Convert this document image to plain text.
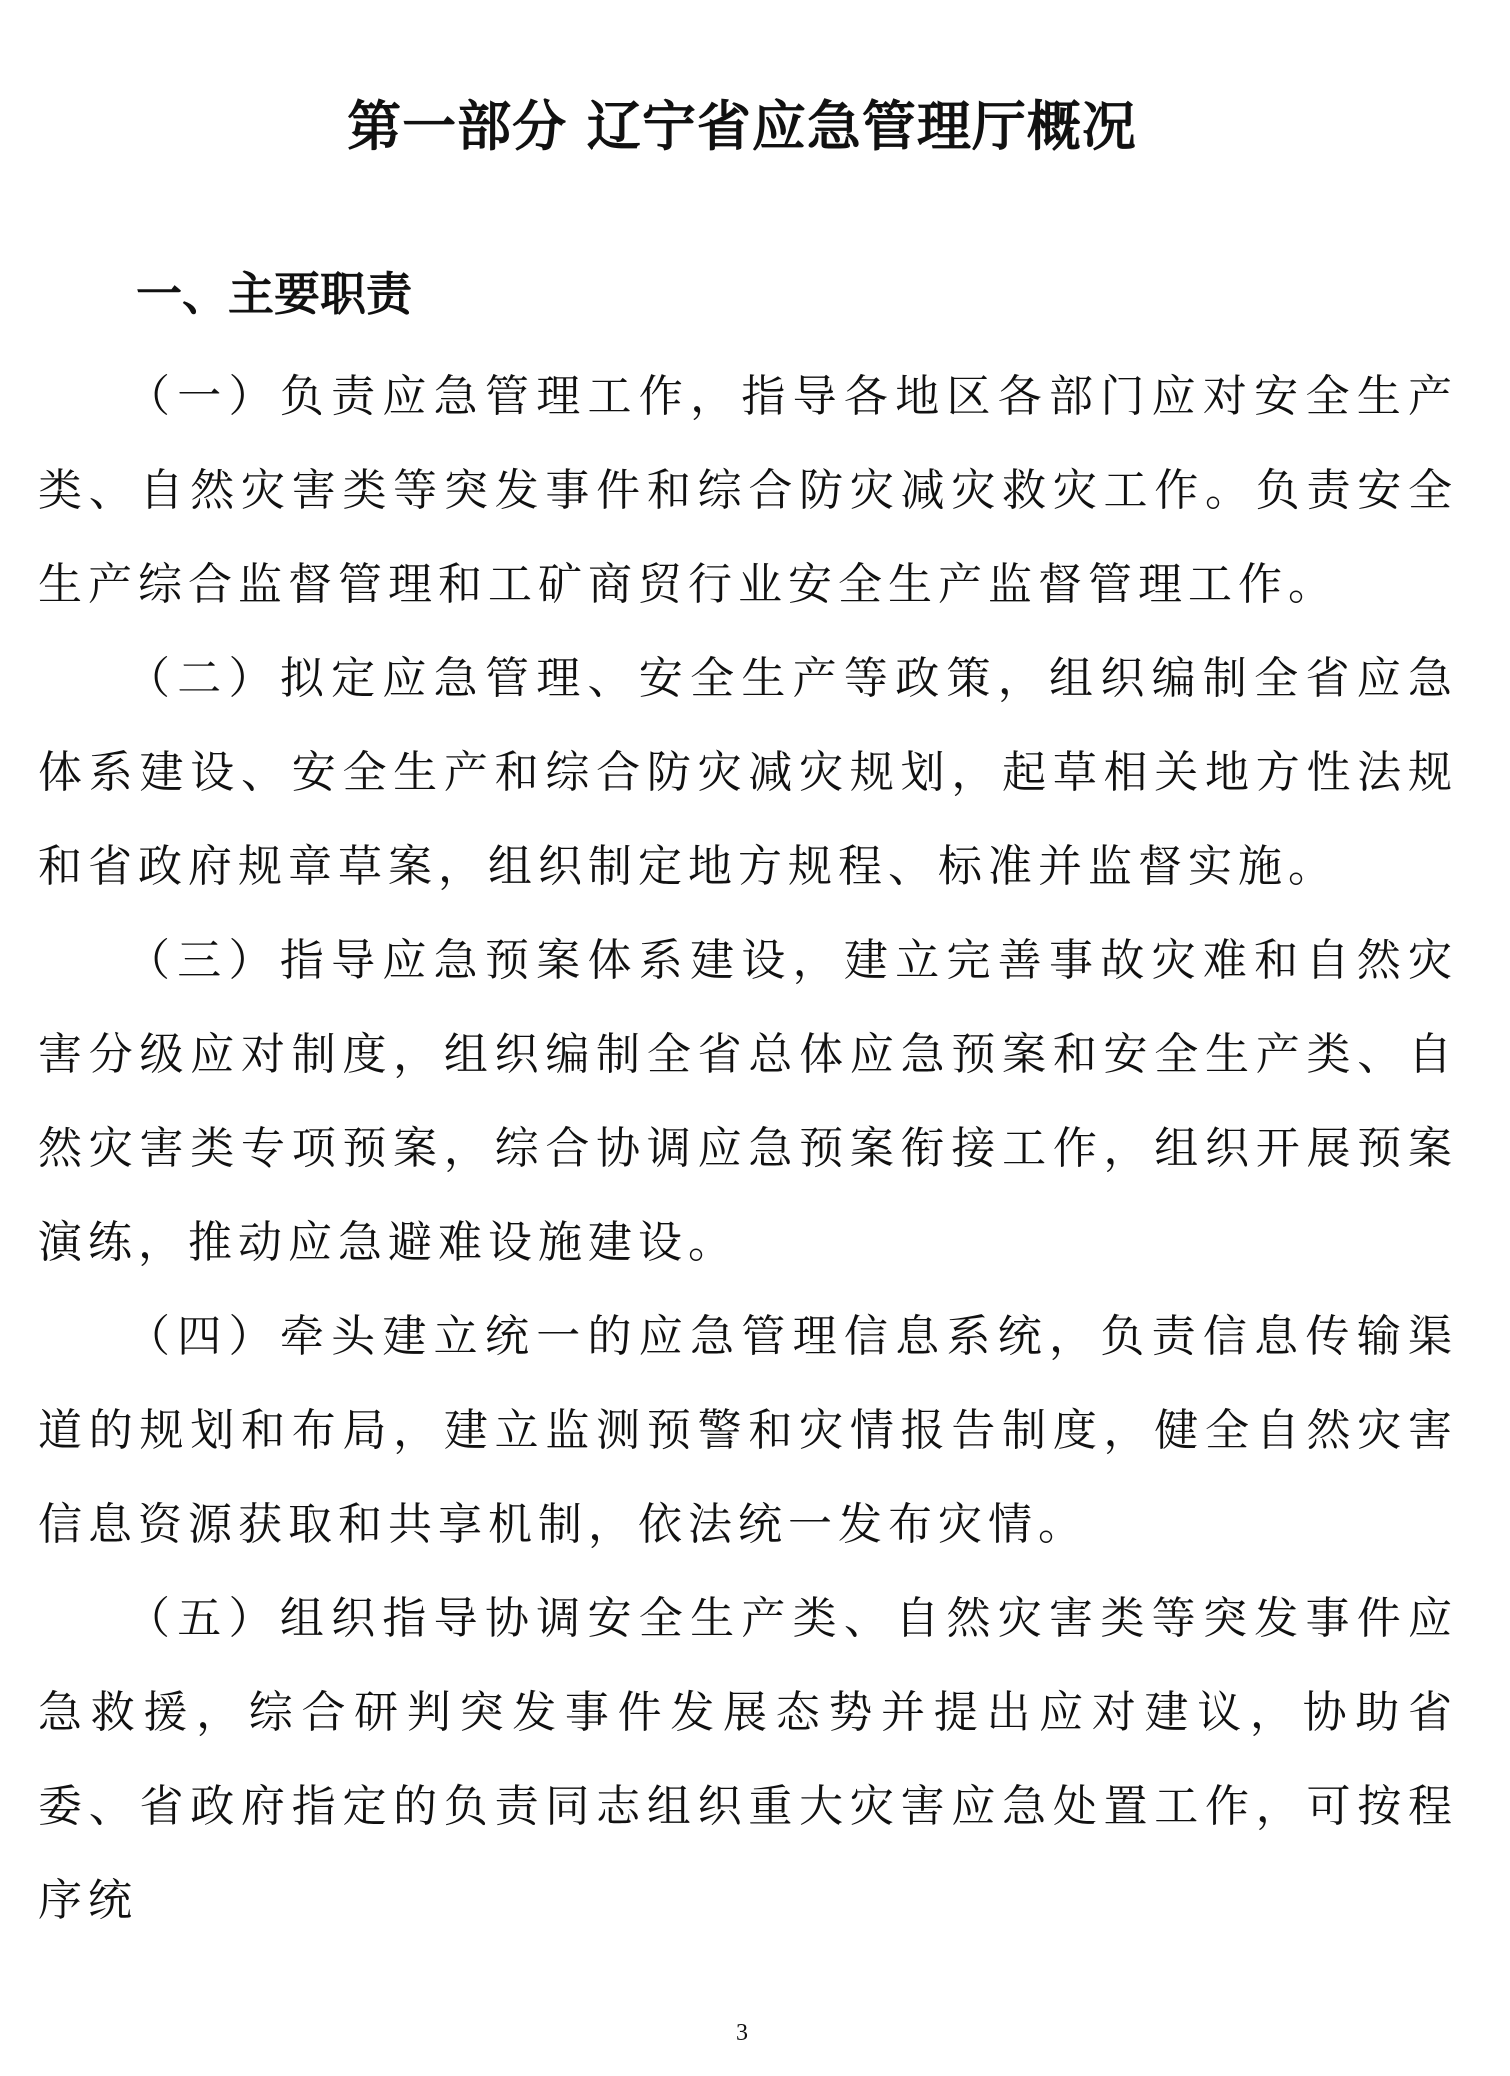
第一部分 辽宁省应急管理厅概况
一、主要职责

（一）负责应急管理工作，指导各地区各部门应对安全生产类、自然灾害类等突发事件和综合防灾减灾救灾工作。负责安全生产综合监督管理和工矿商贸行业安全生产监督管理工作。

（二）拟定应急管理、安全生产等政策，组织编制全省应急体系建设、安全生产和综合防灾减灾规划，起草相关地方性法规和省政府规章草案，组织制定地方规程、标准并监督实施。

（三）指导应急预案体系建设，建立完善事故灾难和自然灾害分级应对制度，组织编制全省总体应急预案和安全生产类、自然灾害类专项预案，综合协调应急预案衔接工作，组织开展预案演练，推动应急避难设施建设。

（四）牵头建立统一的应急管理信息系统，负责信息传输渠道的规划和布局，建立监测预警和灾情报告制度，健全自然灾害信息资源获取和共享机制，依法统一发布灾情。

（五）组织指导协调安全生产类、自然灾害类等突发事件应急救援，综合研判突发事件发展态势并提出应对建议，协助省委、省政府指定的负责同志组织重大灾害应急处置工作，可按程序统

3
